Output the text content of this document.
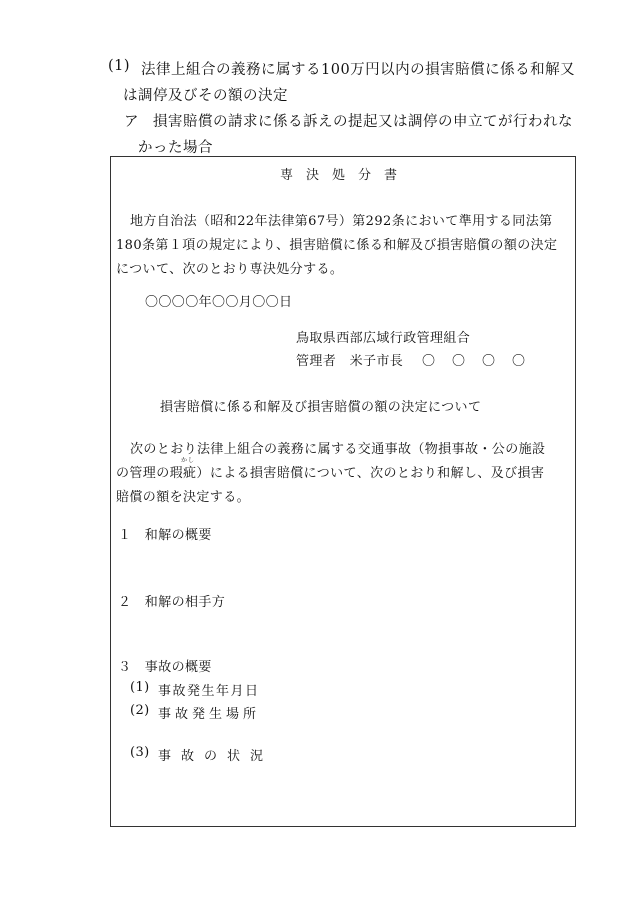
(1) 法律上組合の義務に属する100万円以内の損害賠償に係る和解又
は調停及びその額の決定
ア 損害賠償の請求に係る訴えの提起又は調停の申立てが行われな
かった場合
専決処分書
地方自治法（昭和22年法律第67号）第292条において準用する同法第
180条第１項の規定により、損害賠償に係る和解及び損害賠償の額の決定
について、次のとおり専決処分する。
〇〇〇〇年〇〇月〇〇日
鳥取県西部広域行政管理組合
管理者　米子市長 〇　〇　〇　〇
損害賠償に係る和解及び損害賠償の額の決定について
次のとおり法律上組合の義務に属する交通事故（物損事故・公の施設
かし
の管理の瑕疵）による損害賠償について、次のとおり和解し、及び損害
賠償の額を決定する。
１　和解の概要
２　和解の相手方
３　事故の概要
(1) 事故発生年月日
(2) 事故発生場所
(3) 事故の状況
